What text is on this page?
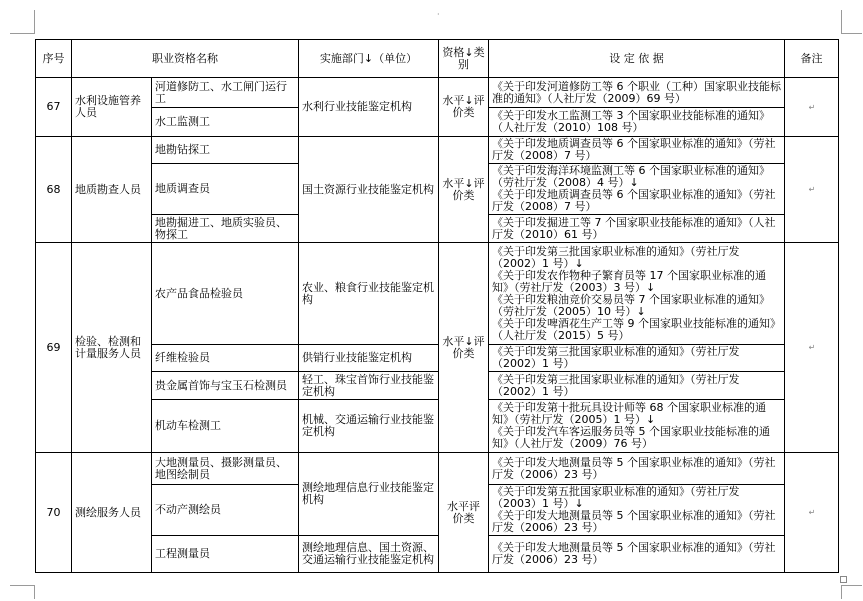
·
序号	职业资格名称		实施部门↓（单位）	资格↓类别	设 定 依 据	备注
67	水利设施管养人员	河道修防工、水工闸门运行工	水利行业技能鉴定机构	水平↓评价类	《关于印发河道修防工等 6 个职业（工种）国家职业技能标准的通知》（人社厅发（2009）69 号）	↵
		水工监测工			《关于印发水工监测工等 3 个国家职业技能标准的通知》（人社厅发（2010）108 号）	

68	地质勘查人员	地勘钻探工	国土资源行业技能鉴定机构	水平↓评价类	《关于印发地质调查员等 6 个国家职业标准的通知》（劳社厅发（2008）7 号）	↵
		地质调查员			《关于印发海洋环境监测工等 6 个国家职业标准的通知》（劳社厅发（2008）4 号）↓
《关于印发地质调查员等 6 个国家职业标准的通知》（劳社厅发（2008）7 号）	

		地勘掘进工、地质实验员、物探工			《关于印发掘进工等 7 个国家职业技能标准的通知》（人社厅发（2010）61 号）	

69	检验、检测和计量服务人员	农产品食品检验员	农业、粮食行业技能鉴定机构	水平↓评价类	《关于印发第三批国家职业标准的通知》（劳社厅发（2002）1 号）↓
《关于印发农作物种子繁育员等 17 个国家职业标准的通知》（劳社厅发（2003）3 号）↓
《关于印发粮油竞价交易员等 7 个国家职业标准的通知》（劳社厅发（2005）10 号）↓
《关于印发啤酒花生产工等 9 个国家职业技能标准的通知》（人社厅发（2015）5 号）	↵
		纤维检验员	供销行业技能鉴定机构		《关于印发第三批国家职业标准的通知》（劳社厅发（2002）1 号）	

		贵金属首饰与宝玉石检测员	轻工、珠宝首饰行业技能鉴定机构		《关于印发第三批国家职业标准的通知》（劳社厅发（2002）1 号）	

		机动车检测工	机械、交通运输行业技能鉴定机构		《关于印发第十批玩具设计师等 68 个国家职业标准的通知》（劳社厅发（2005）1 号）↓
《关于印发汽车客运服务员等 5 个国家职业技能标准的通知》（人社厅发（2009）76 号）	

70	测绘服务人员	大地测量员、摄影测量员、地图绘制员	测绘地理信息行业技能鉴定机构	水平评价类	《关于印发大地测量员等 5 个国家职业标准的通知》（劳社厅发（2006）23 号）	↵
		不动产测绘员			《关于印发第五批国家职业标准的通知》（劳社厅发（2003）1 号）↓
《关于印发大地测量员等 5 个国家职业标准的通知》（劳社厅发（2006）23 号）	

		工程测量员	测绘地理信息、国土资源、交通运输行业技能鉴定机构		《关于印发大地测量员等 5 个国家职业标准的通知》（劳社厅发（2006）23 号）	
